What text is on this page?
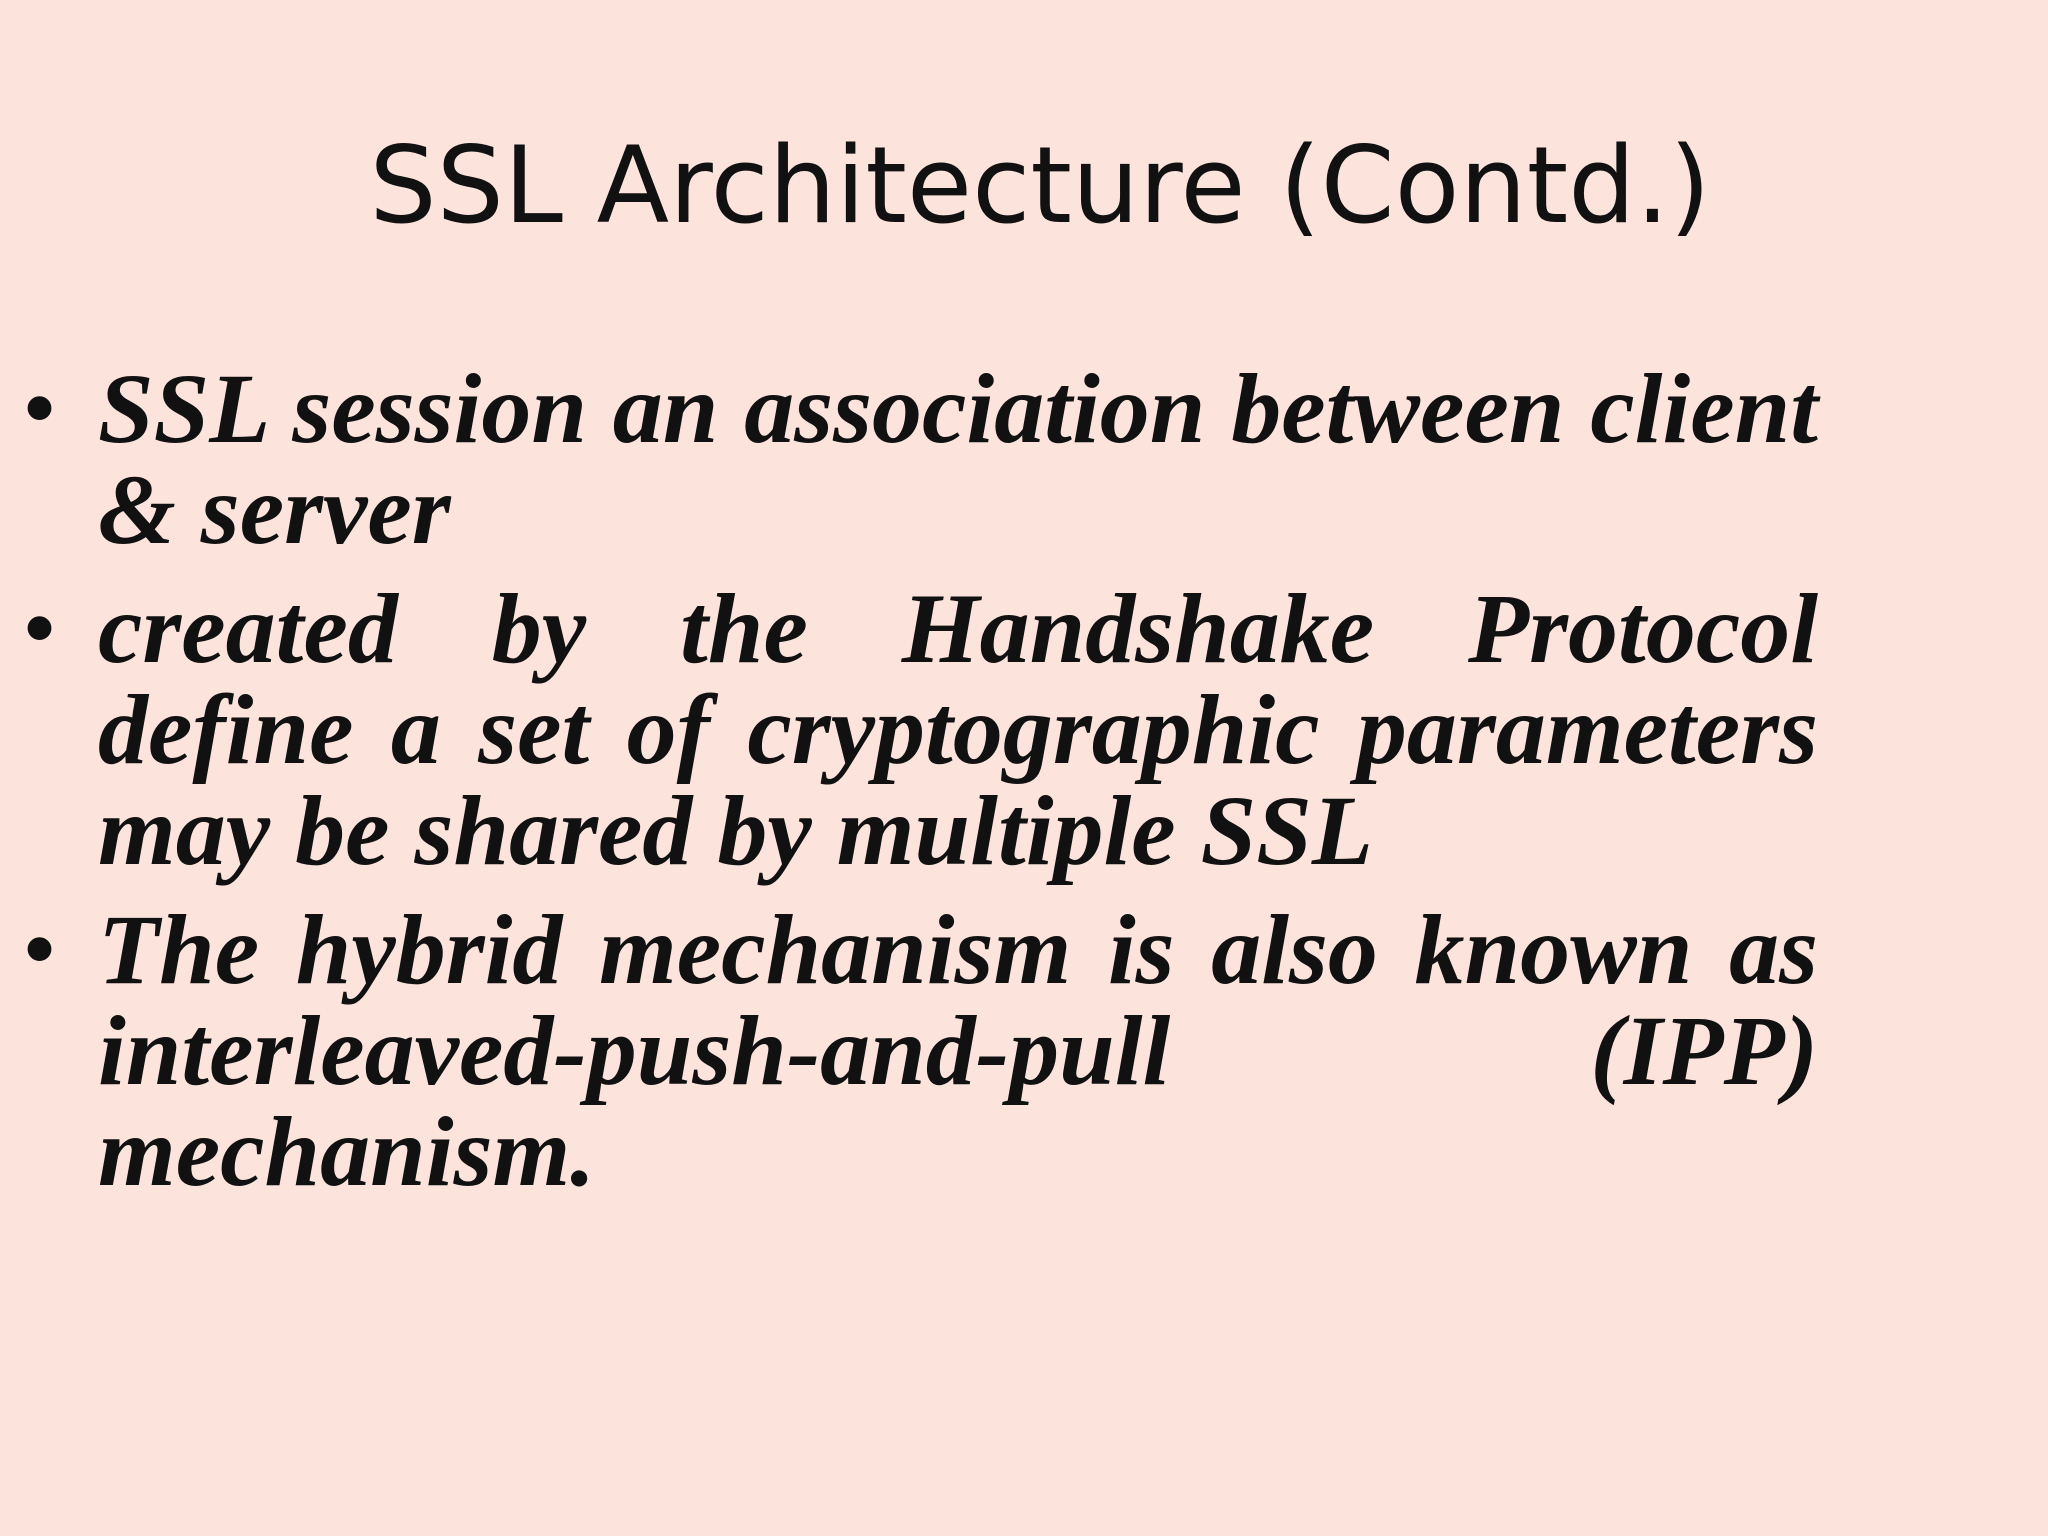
SSL Architecture (Contd.)
• SSL session an association between client & server
• created by the Handshake Protocol define a set of cryptographic parameters may be shared by multiple SSL
• The hybrid mechanism is also known as interleaved-push-and-pull (IPP) mechanism.
